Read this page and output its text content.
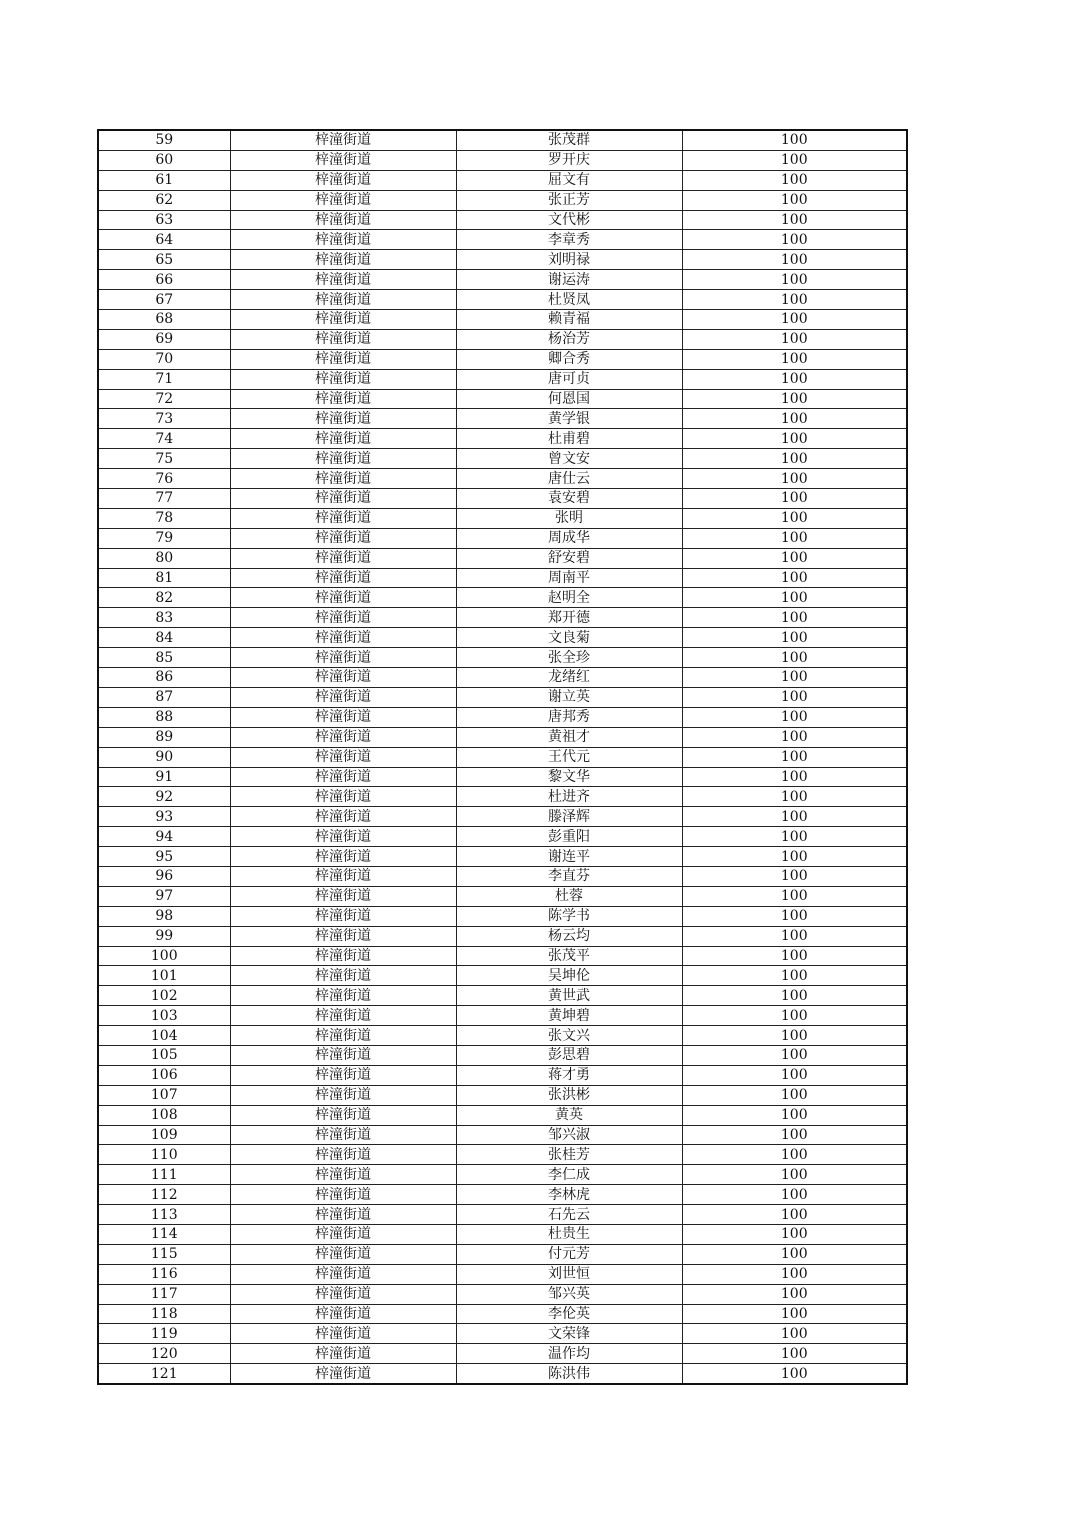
59	梓潼街道	张茂群	100
60	梓潼街道	罗开庆	100
61	梓潼街道	屈文有	100
62	梓潼街道	张正芳	100
63	梓潼街道	文代彬	100
64	梓潼街道	李章秀	100
65	梓潼街道	刘明禄	100
66	梓潼街道	谢运涛	100
67	梓潼街道	杜贤凤	100
68	梓潼街道	赖青福	100
69	梓潼街道	杨治芳	100
70	梓潼街道	卿合秀	100
71	梓潼街道	唐可贞	100
72	梓潼街道	何恩国	100
73	梓潼街道	黄学银	100
74	梓潼街道	杜甫碧	100
75	梓潼街道	曾文安	100
76	梓潼街道	唐仕云	100
77	梓潼街道	袁安碧	100
78	梓潼街道	张明	100
79	梓潼街道	周成华	100
80	梓潼街道	舒安碧	100
81	梓潼街道	周南平	100
82	梓潼街道	赵明全	100
83	梓潼街道	郑开德	100
84	梓潼街道	文良菊	100
85	梓潼街道	张全珍	100
86	梓潼街道	龙绪红	100
87	梓潼街道	谢立英	100
88	梓潼街道	唐邦秀	100
89	梓潼街道	黄祖才	100
90	梓潼街道	王代元	100
91	梓潼街道	黎文华	100
92	梓潼街道	杜进齐	100
93	梓潼街道	滕泽辉	100
94	梓潼街道	彭重阳	100
95	梓潼街道	谢连平	100
96	梓潼街道	李直芬	100
97	梓潼街道	杜蓉	100
98	梓潼街道	陈学书	100
99	梓潼街道	杨云均	100
100	梓潼街道	张茂平	100
101	梓潼街道	吴坤伦	100
102	梓潼街道	黄世武	100
103	梓潼街道	黄坤碧	100
104	梓潼街道	张文兴	100
105	梓潼街道	彭思碧	100
106	梓潼街道	蒋才勇	100
107	梓潼街道	张洪彬	100
108	梓潼街道	黄英	100
109	梓潼街道	邹兴淑	100
110	梓潼街道	张桂芳	100
111	梓潼街道	李仁成	100
112	梓潼街道	李林虎	100
113	梓潼街道	石先云	100
114	梓潼街道	杜贵生	100
115	梓潼街道	付元芳	100
116	梓潼街道	刘世恒	100
117	梓潼街道	邹兴英	100
118	梓潼街道	李伦英	100
119	梓潼街道	文荣锋	100
120	梓潼街道	温作均	100
121	梓潼街道	陈洪伟	100
